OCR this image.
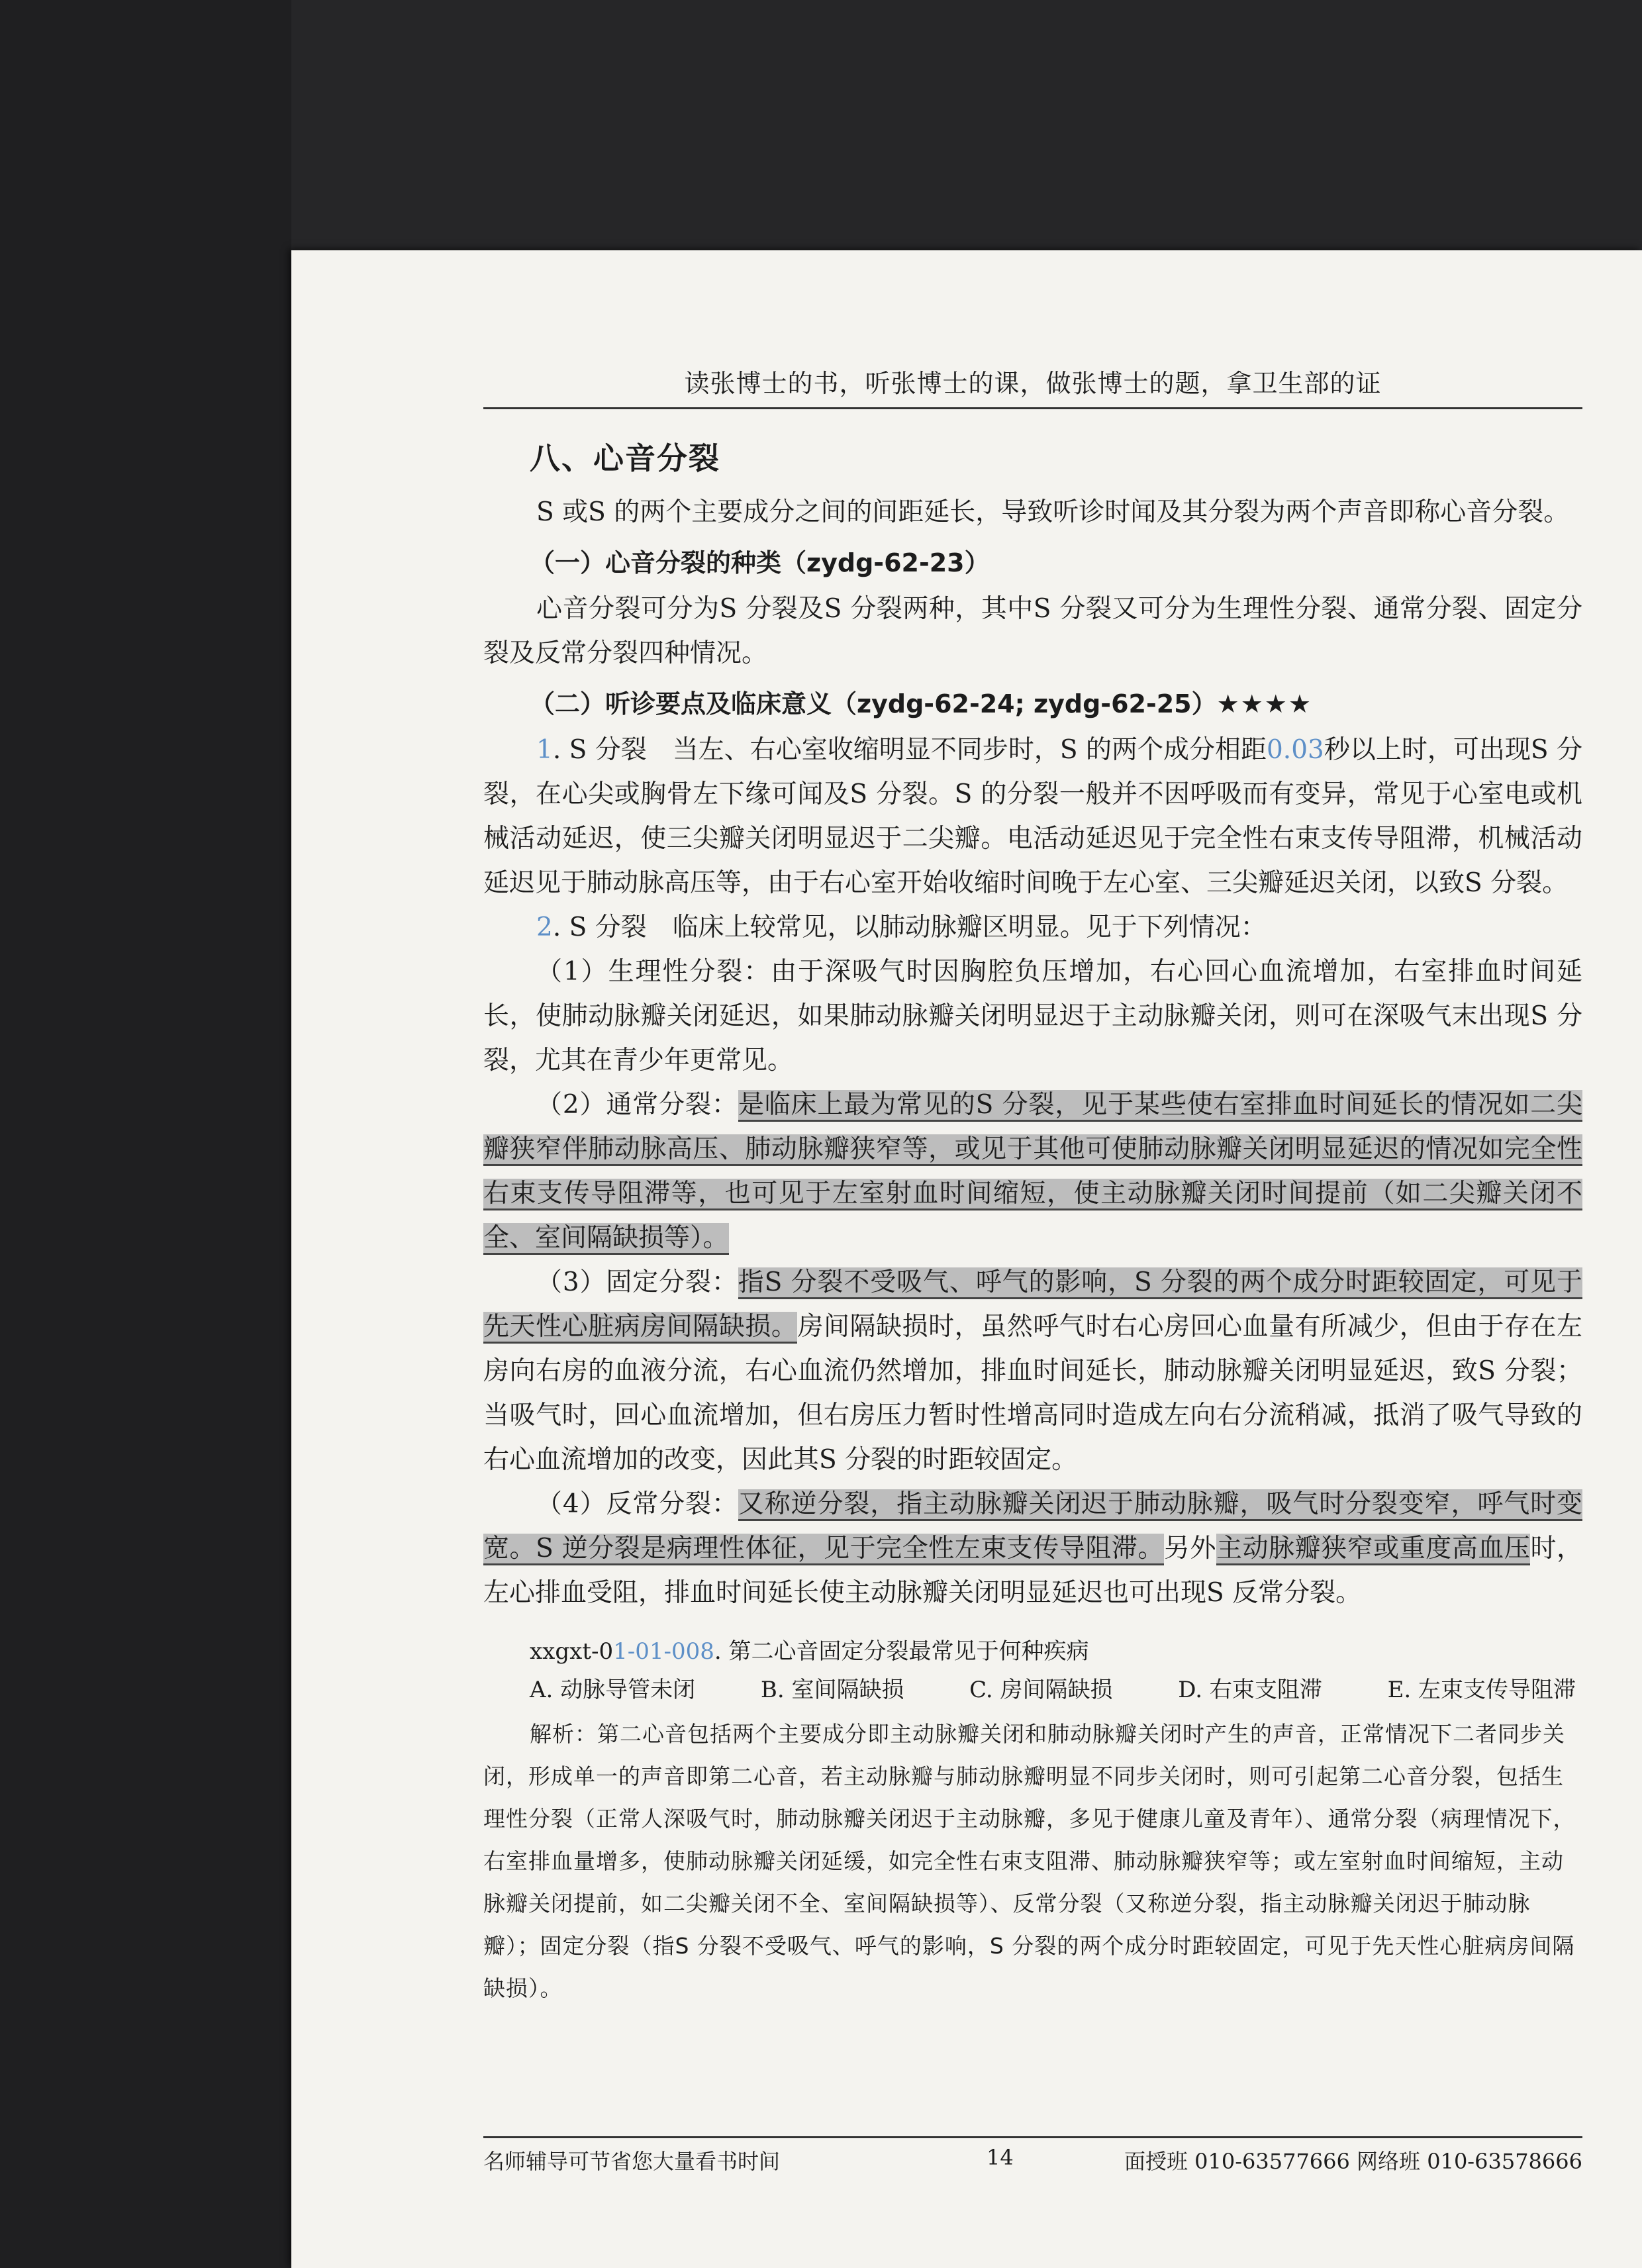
读张博士的书，听张博士的课，做张博士的题，拿卫生部的证
八、心音分裂

S 或S 的两个主要成分之间的间距延长，导致听诊时闻及其分裂为两个声音即称心音分裂。

（一）心音分裂的种类（zydg-62-23）

心音分裂可分为S 分裂及S 分裂两种，其中S 分裂又可分为生理性分裂、通常分裂、固定分裂及反常分裂四种情况。

（二）听诊要点及临床意义（zydg-62-24; zydg-62-25）★★★★

1. S 分裂　当左、右心室收缩明显不同步时，S 的两个成分相距0.03秒以上时，可出现S 分裂，在心尖或胸骨左下缘可闻及S 分裂。S 的分裂一般并不因呼吸而有变异，常见于心室电或机械活动延迟，使三尖瓣关闭明显迟于二尖瓣。电活动延迟见于完全性右束支传导阻滞，机械活动延迟见于肺动脉高压等，由于右心室开始收缩时间晚于左心室、三尖瓣延迟关闭，以致S 分裂。

2. S 分裂　临床上较常见，以肺动脉瓣区明显。见于下列情况：

（1）生理性分裂：由于深吸气时因胸腔负压增加，右心回心血流增加，右室排血时间延长，使肺动脉瓣关闭延迟，如果肺动脉瓣关闭明显迟于主动脉瓣关闭，则可在深吸气末出现S 分裂，尤其在青少年更常见。

（2）通常分裂：是临床上最为常见的S 分裂，见于某些使右室排血时间延长的情况如二尖瓣狭窄伴肺动脉高压、肺动脉瓣狭窄等，或见于其他可使肺动脉瓣关闭明显延迟的情况如完全性右束支传导阻滞等，也可见于左室射血时间缩短，使主动脉瓣关闭时间提前（如二尖瓣关闭不全、室间隔缺损等）。

（3）固定分裂：指S 分裂不受吸气、呼气的影响，S 分裂的两个成分时距较固定，可见于先天性心脏病房间隔缺损。房间隔缺损时，虽然呼气时右心房回心血量有所减少，但由于存在左房向右房的血液分流，右心血流仍然增加，排血时间延长，肺动脉瓣关闭明显延迟，致S 分裂；当吸气时，回心血流增加，但右房压力暂时性增高同时造成左向右分流稍减，抵消了吸气导致的右心血流增加的改变，因此其S 分裂的时距较固定。

（4）反常分裂：又称逆分裂，指主动脉瓣关闭迟于肺动脉瓣，吸气时分裂变窄，呼气时变宽。S 逆分裂是病理性体征，见于完全性左束支传导阻滞。另外主动脉瓣狭窄或重度高血压时，左心排血受阻，排血时间延长使主动脉瓣关闭明显延迟也可出现S 反常分裂。

xxgxt-01-01-008. 第二心音固定分裂最常见于何种疾病
A. 动脉导管未闭	B. 室间隔缺损	C. 房间隔缺损	D. 右束支阻滞	E. 左束支传导阻滞
解析：第二心音包括两个主要成分即主动脉瓣关闭和肺动脉瓣关闭时产生的声音，正常情况下二者同步关闭，形成单一的声音即第二心音，若主动脉瓣与肺动脉瓣明显不同步关闭时，则可引起第二心音分裂，包括生理性分裂（正常人深吸气时，肺动脉瓣关闭迟于主动脉瓣，多见于健康儿童及青年）、通常分裂（病理情况下，右室排血量增多，使肺动脉瓣关闭延缓，如完全性右束支阻滞、肺动脉瓣狭窄等；或左室射血时间缩短，主动脉瓣关闭提前，如二尖瓣关闭不全、室间隔缺损等）、反常分裂（又称逆分裂，指主动脉瓣关闭迟于肺动脉瓣）；固定分裂（指S 分裂不受吸气、呼气的影响，S 分裂的两个成分时距较固定，可见于先天性心脏病房间隔缺损）。
名师辅导可节省您大量看书时间	14	面授班 010-63577666 网络班 010-63578666
